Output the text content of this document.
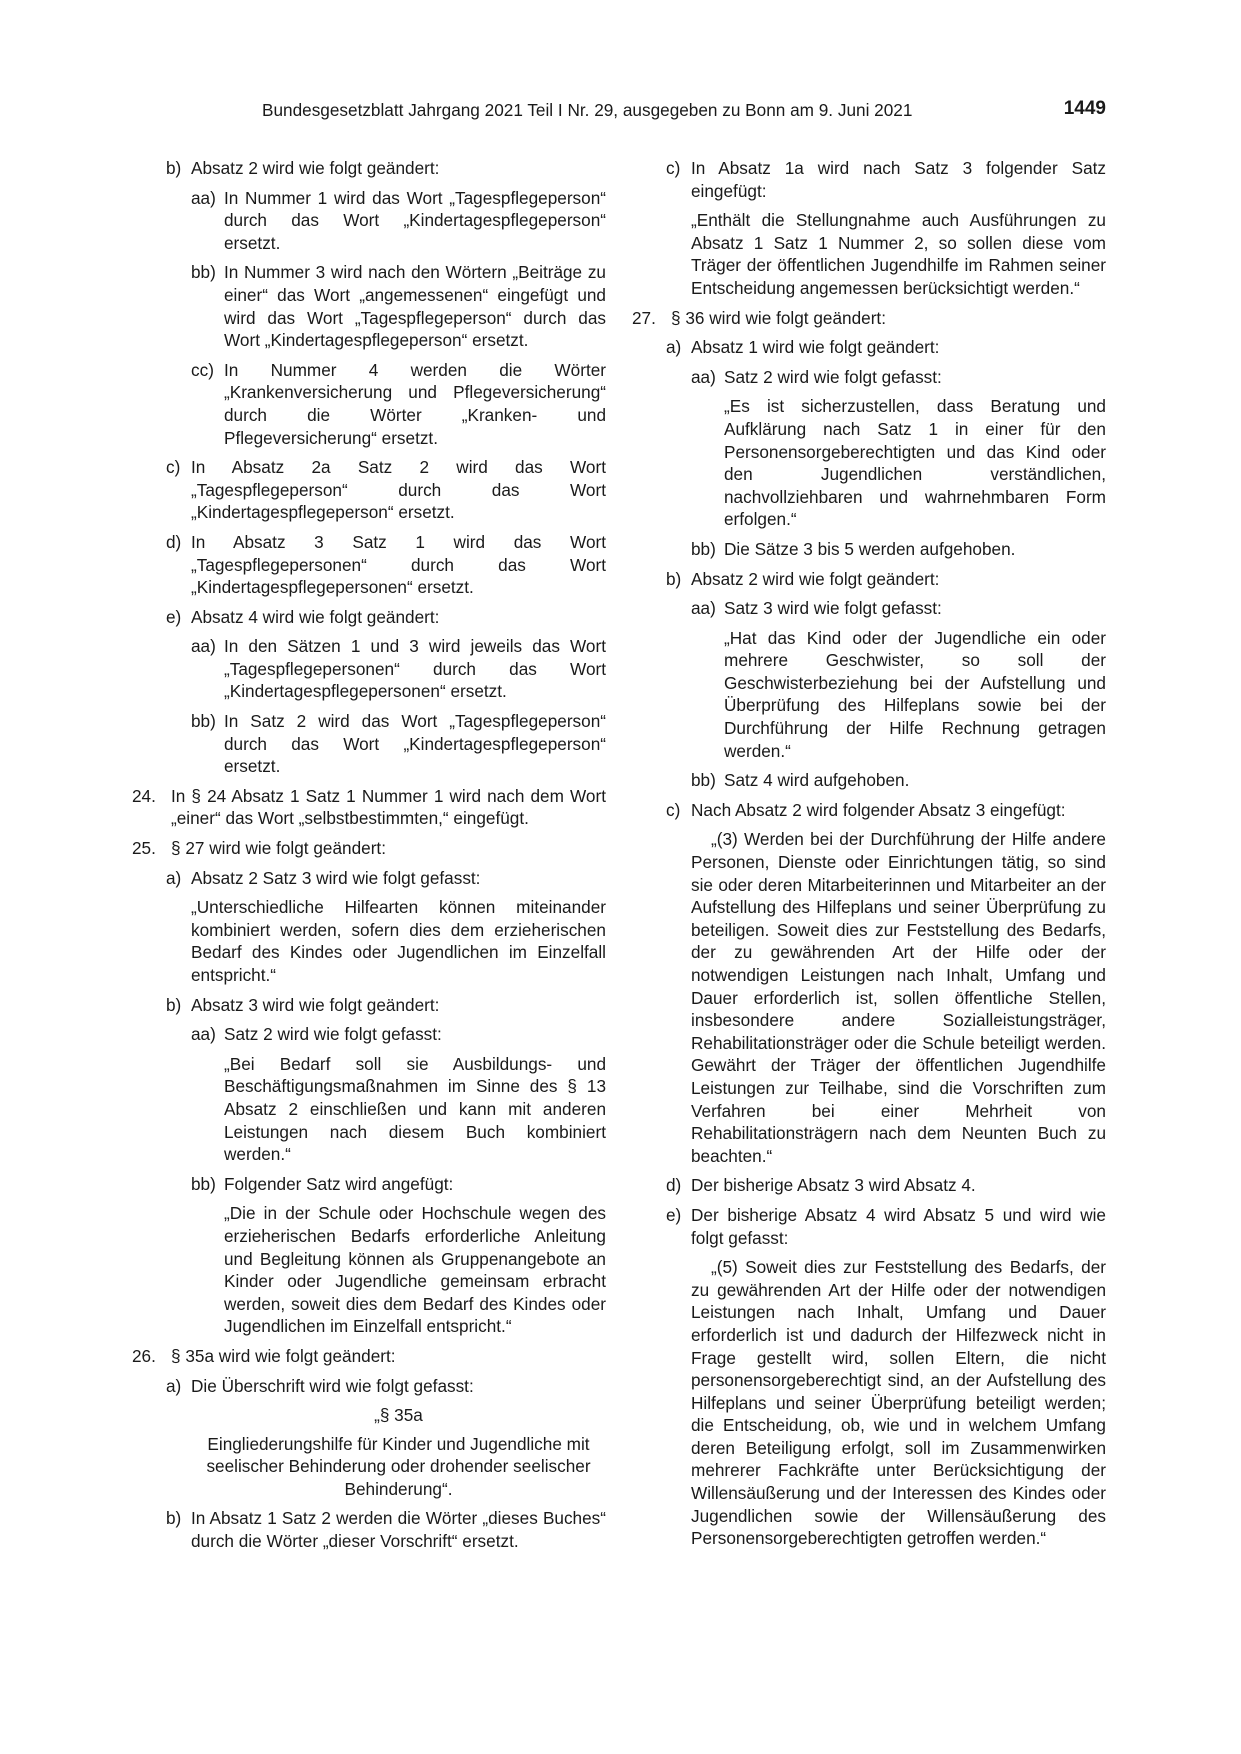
Bundesgesetzblatt Jahrgang 2021 Teil I Nr. 29, ausgegeben zu Bonn am 9. Juni 2021	1449
b) Absatz 2 wird wie folgt geändert:
aa) In Nummer 1 wird das Wort „Tagespflegeperson“ durch das Wort „Kindertagespflegeperson“ ersetzt.
bb) In Nummer 3 wird nach den Wörtern „Beiträge zu einer“ das Wort „angemessenen“ eingefügt und wird das Wort „Tagespflegeperson“ durch das Wort „Kindertagespflegeperson“ ersetzt.
cc) In Nummer 4 werden die Wörter „Krankenversicherung und Pflegeversicherung“ durch die Wörter „Kranken- und Pflegeversicherung“ ersetzt.
c) In Absatz 2a Satz 2 wird das Wort „Tagespflegeperson“ durch das Wort „Kindertagespflegeperson“ ersetzt.
d) In Absatz 3 Satz 1 wird das Wort „Tagespflegepersonen“ durch das Wort „Kindertagespflegepersonen“ ersetzt.
e) Absatz 4 wird wie folgt geändert:
aa) In den Sätzen 1 und 3 wird jeweils das Wort „Tagespflegepersonen“ durch das Wort „Kindertagespflegepersonen“ ersetzt.
bb) In Satz 2 wird das Wort „Tagespflegeperson“ durch das Wort „Kindertagespflegeperson“ ersetzt.
24. In § 24 Absatz 1 Satz 1 Nummer 1 wird nach dem Wort „einer“ das Wort „selbstbestimmten,“ eingefügt.
25. § 27 wird wie folgt geändert:
a) Absatz 2 Satz 3 wird wie folgt gefasst:
„Unterschiedliche Hilfearten können miteinander kombiniert werden, sofern dies dem erzieherischen Bedarf des Kindes oder Jugendlichen im Einzelfall entspricht.“
b) Absatz 3 wird wie folgt geändert:
aa) Satz 2 wird wie folgt gefasst:
„Bei Bedarf soll sie Ausbildungs- und Beschäftigungsmaßnahmen im Sinne des § 13 Absatz 2 einschließen und kann mit anderen Leistungen nach diesem Buch kombiniert werden.“
bb) Folgender Satz wird angefügt:
„Die in der Schule oder Hochschule wegen des erzieherischen Bedarfs erforderliche Anleitung und Begleitung können als Gruppenangebote an Kinder oder Jugendliche gemeinsam erbracht werden, soweit dies dem Bedarf des Kindes oder Jugendlichen im Einzelfall entspricht.“
26. § 35a wird wie folgt geändert:
a) Die Überschrift wird wie folgt gefasst:
„§ 35a
Eingliederungshilfe für Kinder und Jugendliche mit seelischer Behinderung oder drohender seelischer Behinderung“.
b) In Absatz 1 Satz 2 werden die Wörter „dieses Buches“ durch die Wörter „dieser Vorschrift“ ersetzt.
c) In Absatz 1a wird nach Satz 3 folgender Satz eingefügt:
„Enthält die Stellungnahme auch Ausführungen zu Absatz 1 Satz 1 Nummer 2, so sollen diese vom Träger der öffentlichen Jugendhilfe im Rahmen seiner Entscheidung angemessen berücksichtigt werden.“
27. § 36 wird wie folgt geändert:
a) Absatz 1 wird wie folgt geändert:
aa) Satz 2 wird wie folgt gefasst:
„Es ist sicherzustellen, dass Beratung und Aufklärung nach Satz 1 in einer für den Personensorgeberechtigten und das Kind oder den Jugendlichen verständlichen, nachvollziehbaren und wahrnehmbaren Form erfolgen.“
bb) Die Sätze 3 bis 5 werden aufgehoben.
b) Absatz 2 wird wie folgt geändert:
aa) Satz 3 wird wie folgt gefasst:
„Hat das Kind oder der Jugendliche ein oder mehrere Geschwister, so soll der Geschwisterbeziehung bei der Aufstellung und Überprüfung des Hilfeplans sowie bei der Durchführung der Hilfe Rechnung getragen werden.“
bb) Satz 4 wird aufgehoben.
c) Nach Absatz 2 wird folgender Absatz 3 eingefügt:
„(3) Werden bei der Durchführung der Hilfe andere Personen, Dienste oder Einrichtungen tätig, so sind sie oder deren Mitarbeiterinnen und Mitarbeiter an der Aufstellung des Hilfeplans und seiner Überprüfung zu beteiligen. Soweit dies zur Feststellung des Bedarfs, der zu gewährenden Art der Hilfe oder der notwendigen Leistungen nach Inhalt, Umfang und Dauer erforderlich ist, sollen öffentliche Stellen, insbesondere andere Sozialleistungsträger, Rehabilitationsträger oder die Schule beteiligt werden. Gewährt der Träger der öffentlichen Jugendhilfe Leistungen zur Teilhabe, sind die Vorschriften zum Verfahren bei einer Mehrheit von Rehabilitationsträgern nach dem Neunten Buch zu beachten.“
d) Der bisherige Absatz 3 wird Absatz 4.
e) Der bisherige Absatz 4 wird Absatz 5 und wird wie folgt gefasst:
„(5) Soweit dies zur Feststellung des Bedarfs, der zu gewährenden Art der Hilfe oder der notwendigen Leistungen nach Inhalt, Umfang und Dauer erforderlich ist und dadurch der Hilfezweck nicht in Frage gestellt wird, sollen Eltern, die nicht personensorgeberechtigt sind, an der Aufstellung des Hilfeplans und seiner Überprüfung beteiligt werden; die Entscheidung, ob, wie und in welchem Umfang deren Beteiligung erfolgt, soll im Zusammenwirken mehrerer Fachkräfte unter Berücksichtigung der Willensäußerung und der Interessen des Kindes oder Jugendlichen sowie der Willensäußerung des Personensorgeberechtigten getroffen werden.“
